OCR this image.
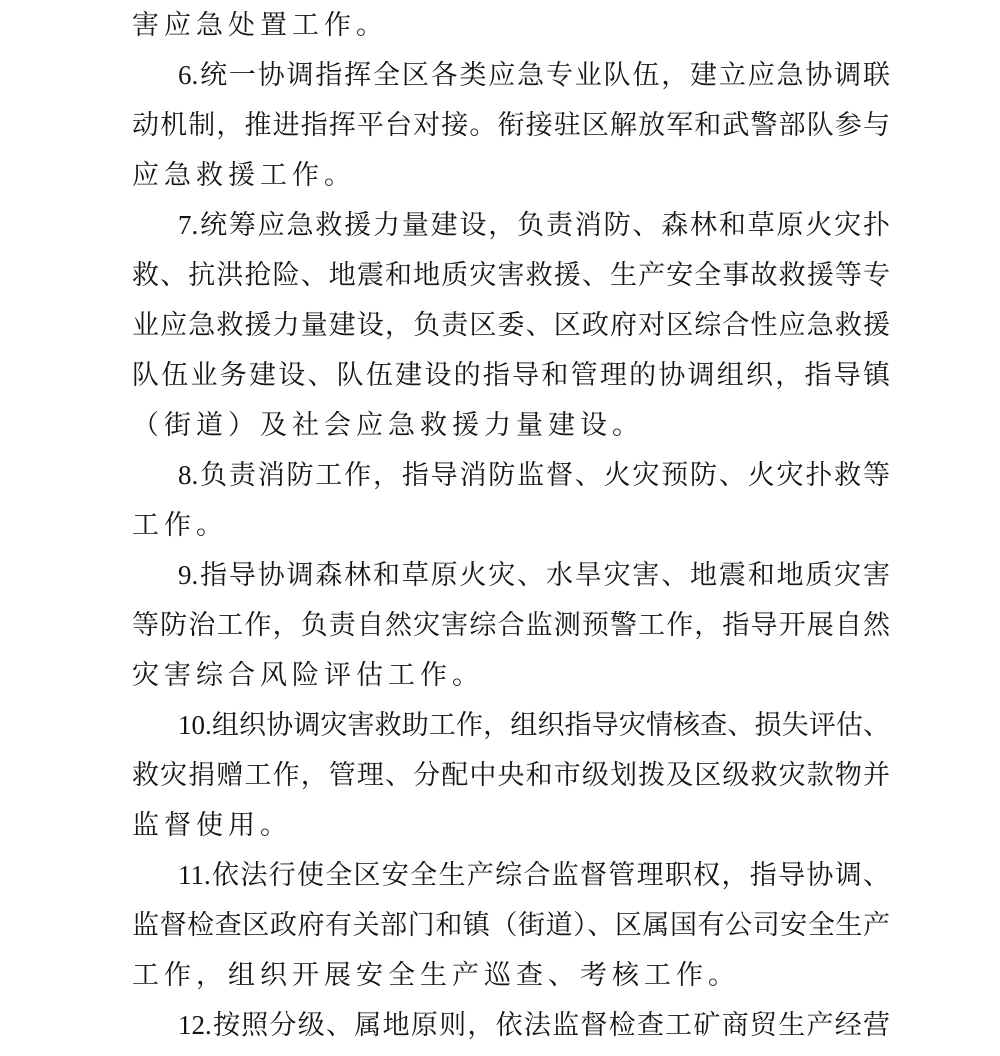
害应急处置工作。
6.统一协调指挥全区各类应急专业队伍，建立应急协调联
动机制，推进指挥平台对接。衔接驻区解放军和武警部队参与
应急救援工作。
7.统筹应急救援力量建设，负责消防、森林和草原火灾扑
救、抗洪抢险、地震和地质灾害救援、生产安全事故救援等专
业应急救援力量建设，负责区委、区政府对区综合性应急救援
队伍业务建设、队伍建设的指导和管理的协调组织，指导镇
（街道）及社会应急救援力量建设。
8.负责消防工作，指导消防监督、火灾预防、火灾扑救等
工作。
9.指导协调森林和草原火灾、水旱灾害、地震和地质灾害
等防治工作，负责自然灾害综合监测预警工作，指导开展自然
灾害综合风险评估工作。
10.组织协调灾害救助工作，组织指导灾情核查、损失评估、
救灾捐赠工作，管理、分配中央和市级划拨及区级救灾款物并
监督使用。
11.依法行使全区安全生产综合监督管理职权，指导协调、
监督检查区政府有关部门和镇（街道）、区属国有公司安全生产
工作，组织开展安全生产巡查、考核工作。
12.按照分级、属地原则，依法监督检查工矿商贸生产经营
